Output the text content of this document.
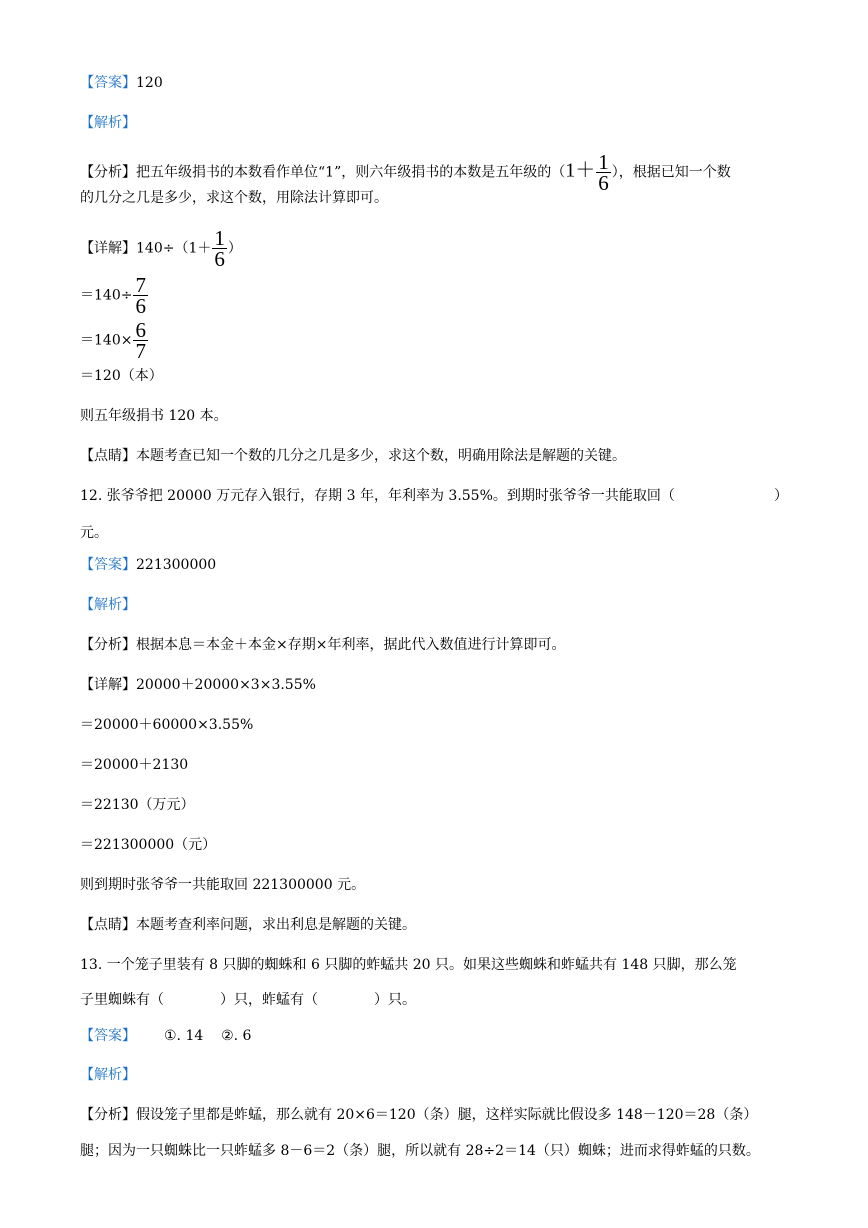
【答案】120
【解析】
【分析】把五年级捐书的本数看作单位“1”，则六年级捐书的本数是五年级的（$1+ \frac{1}{6}$ ），根据已知一个数
的几分之几是多少，求这个数，用除法计算即可。
【详解】$140\div(1+ \frac{1}{6}$ ）
$=140\div \frac{7}{6}$
$=140\times \frac{6}{7}$
＝120（本）
则五年级捐书 120 本。
【点睛】本题考查已知一个数的几分之几是多少，求这个数，明确用除法是解题的关键。
12. 张爷爷把 20000 万元存入银行，存期 3 年，年利率为 3.55%。到期时张爷爷一共能取回（	）
元。
【答案】221300000
【解析】
【分析】根据本息＝本金＋本金×存期×年利率，据此代入数值进行计算即可。
【详解】20000＋20000×3×3.55%
＝20000＋60000×3.55%
＝20000＋2130
＝22130（万元）
＝221300000（元）
则到期时张爷爷一共能取回 221300000 元。
【点睛】本题考查利率问题，求出利息是解题的关键。
13. 一个笼子里装有 8 只脚的蜘蛛和 6 只脚的蚱蜢共 20 只。如果这些蜘蛛和蚱蜢共有 148 只脚，那么笼
子里蜘蛛有（	）只，蚱蜢有（	）只。
【答案】 ①. 14    ②. 6
【解析】
【分析】假设笼子里都是蚱蜢，那么就有 20×6＝120（条）腿，这样实际就比假设多 148－120＝28（条）
腿；因为一只蜘蛛比一只蚱蜢多 8－6＝2（条）腿，所以就有 28÷2＝14（只）蜘蛛；进而求得蚱蜢的只数。
